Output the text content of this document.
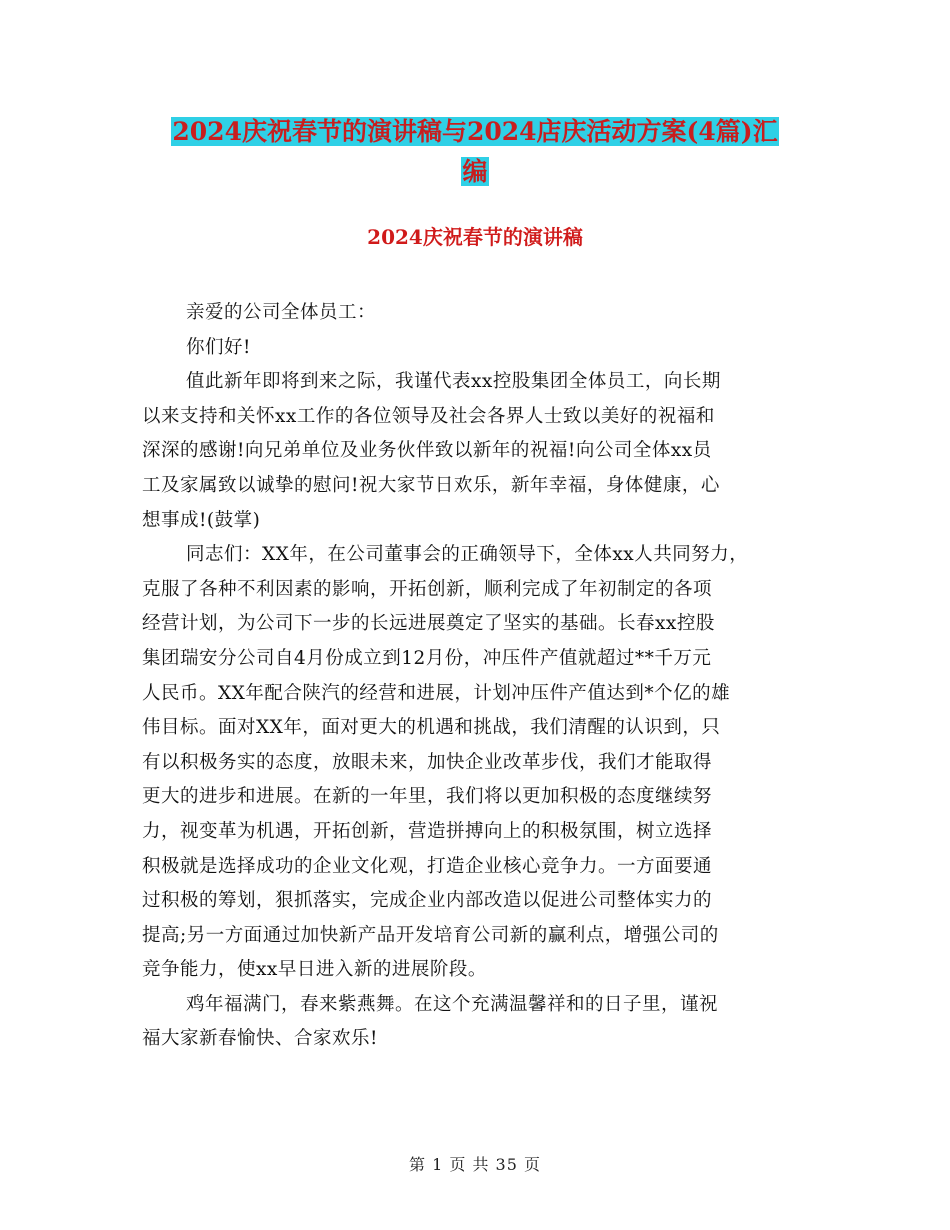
2024庆祝春节的演讲稿与2024店庆活动方案(4篇)汇
编
2024庆祝春节的演讲稿
亲爱的公司全体员工：
你们好!
值此新年即将到来之际，我谨代表xx控股集团全体员工，向长期
以来支持和关怀xx工作的各位领导及社会各界人士致以美好的祝福和
深深的感谢!向兄弟单位及业务伙伴致以新年的祝福!向公司全体xx员
工及家属致以诚挚的慰问!祝大家节日欢乐，新年幸福，身体健康，心
想事成!(鼓掌)
同志们：XX年，在公司董事会的正确领导下，全体xx人共同努力，
克服了各种不利因素的影响，开拓创新，顺利完成了年初制定的各项
经营计划，为公司下一步的长远进展奠定了坚实的基础。长春xx控股
集团瑞安分公司自4月份成立到12月份，冲压件产值就超过**千万元
人民币。XX年配合陕汽的经营和进展，计划冲压件产值达到*个亿的雄
伟目标。面对XX年，面对更大的机遇和挑战，我们清醒的认识到，只
有以积极务实的态度，放眼未来，加快企业改革步伐，我们才能取得
更大的进步和进展。在新的一年里，我们将以更加积极的态度继续努
力，视变革为机遇，开拓创新，营造拼搏向上的积极氛围，树立选择
积极就是选择成功的企业文化观，打造企业核心竞争力。一方面要通
过积极的筹划，狠抓落实，完成企业内部改造以促进公司整体实力的
提高;另一方面通过加快新产品开发培育公司新的赢利点，增强公司的
竞争能力，使xx早日进入新的进展阶段。
鸡年福满门，春来紫燕舞。在这个充满温馨祥和的日子里，谨祝
福大家新春愉快、合家欢乐!
第 1 页 共 35 页
